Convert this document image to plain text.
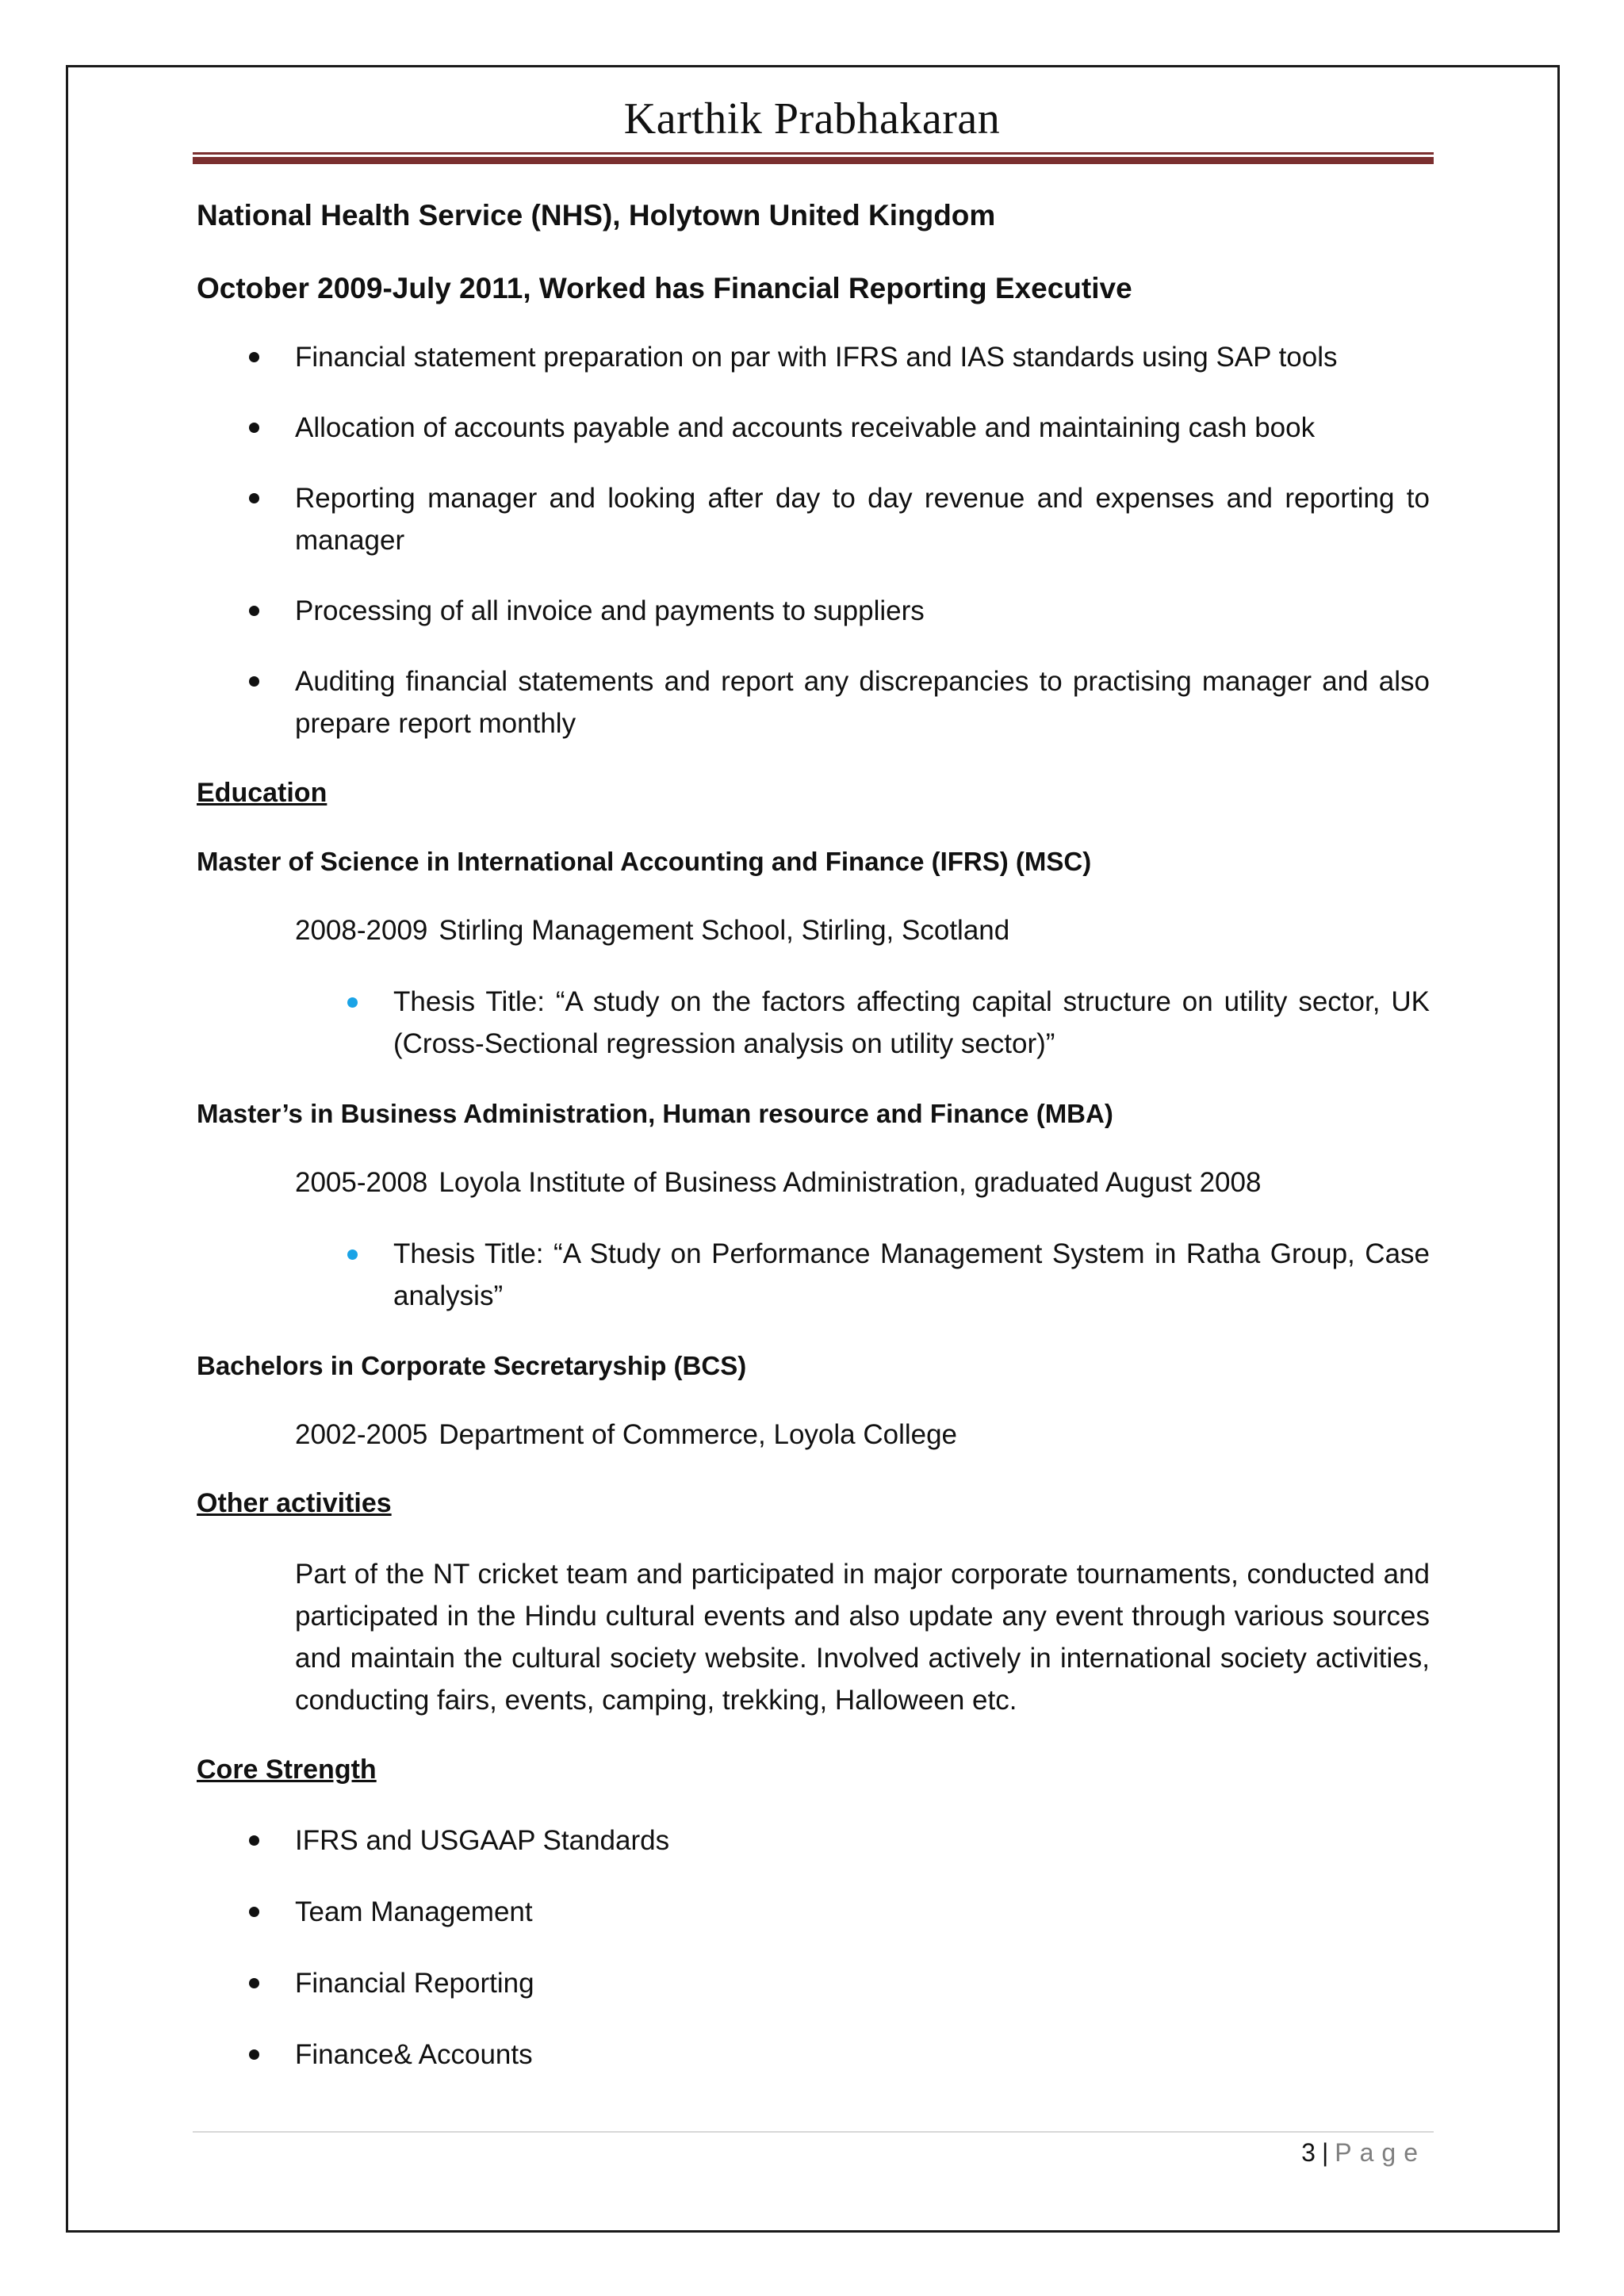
Karthik Prabhakaran
National Health Service (NHS), Holytown United Kingdom
October 2009-July 2011, Worked has Financial Reporting Executive
Financial statement preparation on par with IFRS and IAS standards using SAP tools
Allocation of accounts payable and accounts receivable and maintaining cash book
Reporting manager and looking after day to day revenue and expenses and reporting to manager
Processing of all invoice and payments to suppliers
Auditing financial statements and report any discrepancies to practising manager and also prepare report monthly
Education
Master of Science in International Accounting and Finance (IFRS) (MSC)
2008-2009 Stirling Management School, Stirling, Scotland
Thesis Title: “A study on the factors affecting capital structure on utility sector, UK (Cross-Sectional regression analysis on utility sector)”
Master’s in Business Administration, Human resource and Finance (MBA)
2005-2008 Loyola Institute of Business Administration, graduated August 2008
Thesis Title: “A Study on Performance Management System in Ratha Group, Case analysis”
Bachelors in Corporate Secretaryship (BCS)
2002-2005 Department of Commerce, Loyola College
Other activities
Part of the NT cricket team and participated in major corporate tournaments, conducted and participated in the Hindu cultural events and also update any event through various sources and maintain the cultural society website. Involved actively in international society activities, conducting fairs, events, camping, trekking, Halloween etc.
Core Strength
IFRS and USGAAP Standards
Team Management
Financial Reporting
Finance& Accounts
3 | Page
